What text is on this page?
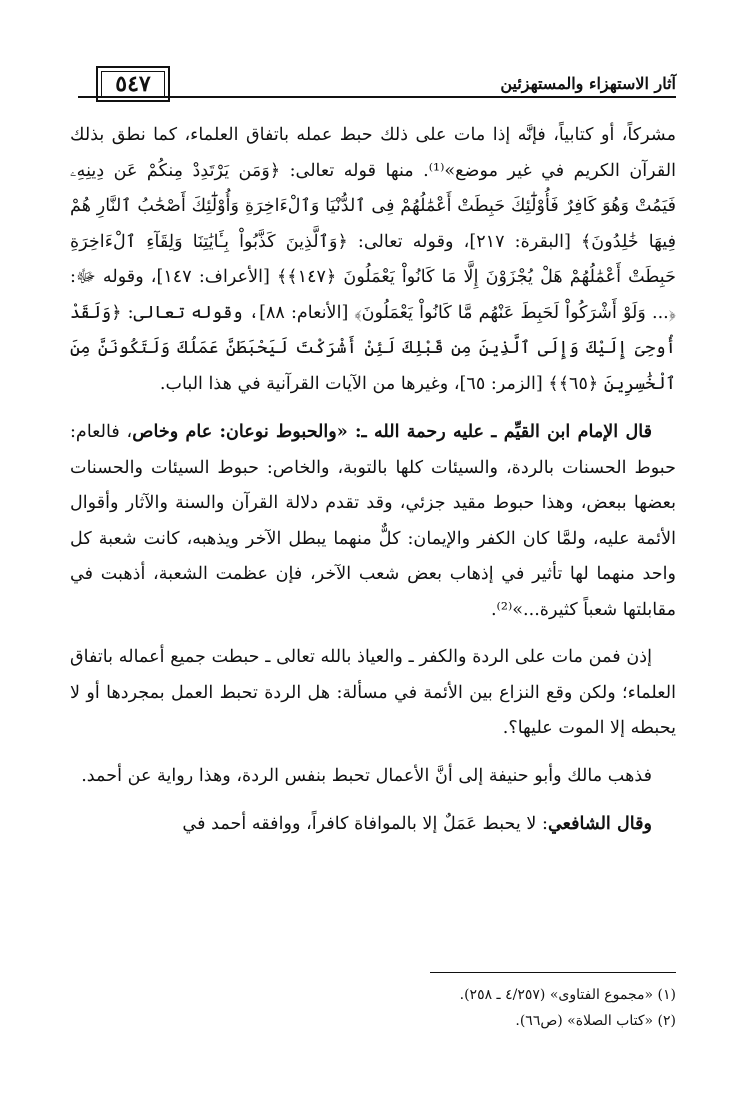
آثار الاستهزاء والمستهزئين
٥٤٧

مشركاً، أو كتابياً، فإنَّه إذا مات على ذلك حبط عمله باتفاق العلماء، كما نطق بذلك القرآن الكريم في غير موضع»⁽¹⁾. منها قوله تعالى: ﴿وَمَن يَرْتَدِدْ مِنكُمْ عَن دِينِهِۦ فَيَمُتْ وَهُوَ كَافِرٌ فَأُوْلَٰٓئِكَ حَبِطَتْ أَعْمَٰلُهُمْ فِى ٱلدُّنْيَا وَٱلْءَاخِرَةِ وَأُوْلَٰٓئِكَ أَصْحَٰبُ ٱلنَّارِ هُمْ فِيهَا خَٰلِدُونَ﴾ [البقرة: ٢١٧]، وقوله تعالى: ﴿وَٱلَّذِينَ كَذَّبُواْ بِـَٔايَٰتِنَا وَلِقَآءِ ٱلْءَاخِرَةِ حَبِطَتْ أَعْمَٰلُهُمْ هَلْ يُجْزَوْنَ إِلَّا مَا كَانُواْ يَعْمَلُونَ ﴿١٤٧﴾﴾ [الأعراف: ١٤٧]، وقوله ﷻ: ﴿... وَلَوْ أَشْرَكُواْ لَحَبِطَ عَنْهُم مَّا كَانُواْ يَعْمَلُونَ﴾ [الأنعام: ٨٨]، وقوله تعالى: ﴿وَلَقَدْ أُوحِىَ إِلَيْكَ وَإِلَى ٱلَّذِينَ مِن قَبْلِكَ لَئِنْ أَشْرَكْتَ لَيَحْبَطَنَّ عَمَلُكَ وَلَتَكُونَنَّ مِنَ ٱلْخَٰسِرِينَ ﴿٦٥﴾﴾ [الزمر: ٦٥]، وغيرها من الآيات القرآنية في هذا الباب.

قال الإمام ابن القيِّم ـ عليه رحمة الله ـ: «والحبوط نوعان: عام وخاص، فالعام: حبوط الحسنات بالردة، والسيئات كلها بالتوبة، والخاص: حبوط السيئات والحسنات بعضها ببعض، وهذا حبوط مقيد جزئي، وقد تقدم دلالة القرآن والسنة والآثار وأقوال الأئمة عليه، ولمَّا كان الكفر والإيمان: كلٌّ منهما يبطل الآخر ويذهبه، كانت شعبة كل واحد منهما لها تأثير في إذهاب بعض شعب الآخر، فإن عظمت الشعبة، أذهبت في مقابلتها شعباً كثيرة...»⁽²⁾.

إذن فمن مات على الردة والكفر ـ والعياذ بالله تعالى ـ حبطت جميع أعماله باتفاق العلماء؛ ولكن وقع النزاع بين الأئمة في مسألة: هل الردة تحبط العمل بمجردها أو لا يحبطه إلا الموت عليها؟.

فذهب مالك وأبو حنيفة إلى أنَّ الأعمال تحبط بنفس الردة، وهذا رواية عن أحمد.

وقال الشافعي: لا يحبط عَمَلٌ إلا بالموافاة كافراً، ووافقه أحمد في

(١) «مجموع الفتاوى» (٤/٢٥٧ ـ ٢٥٨).
(٢) «كتاب الصلاة» (ص٦٦).
